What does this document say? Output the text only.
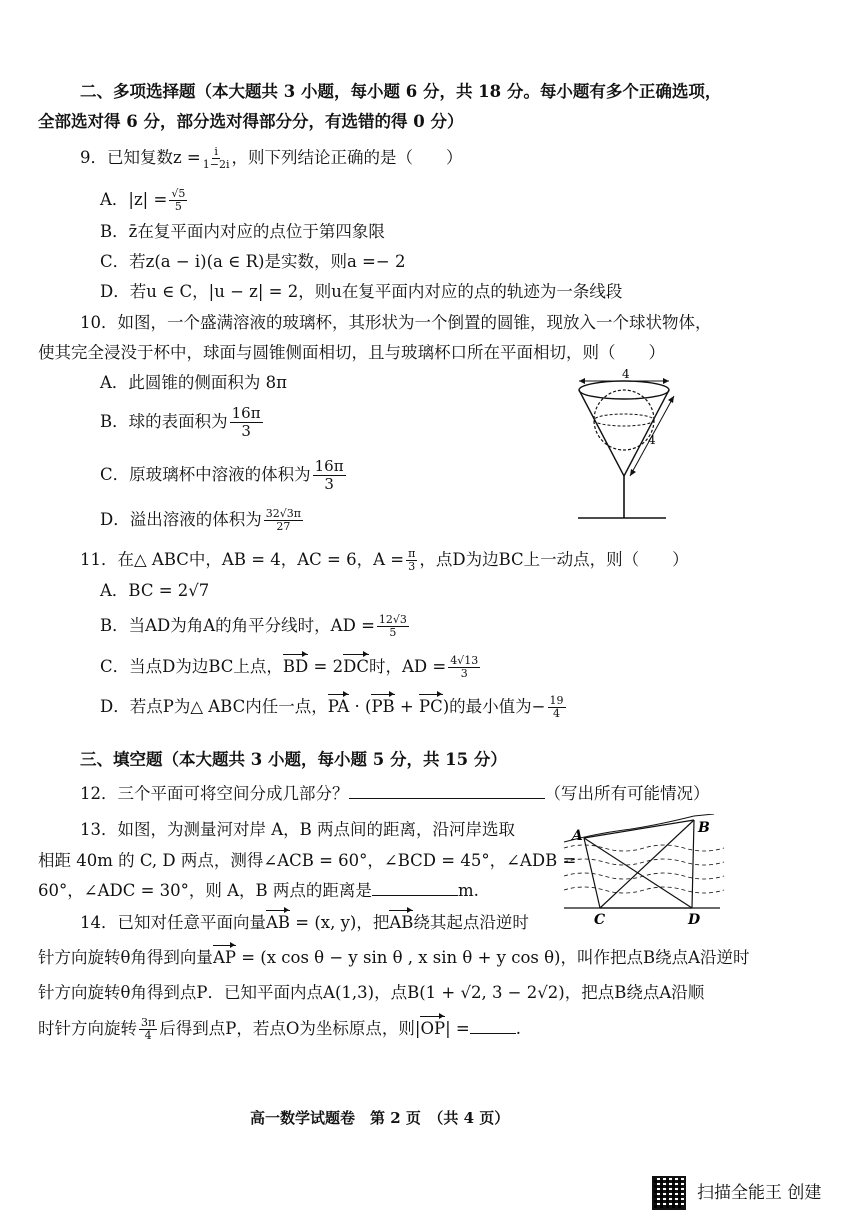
二、多项选择题（本大题共 3 小题，每小题 6 分，共 18 分。每小题有多个正确选项，
全部选对得 6 分，部分选对得部分分，有选错的得 0 分）
9．已知复数$z = \frac{i}{1-2i}$ ，则下列结论正确的是（　　）
A．$|z| = \frac{√5}{5}$
B．z̄在复平面内对应的点位于第四象限
C．若z(a − i)(a ∈ R)是实数，则a =− 2
D．若u ∈ C，|u − z| = 2，则u在复平面内对应的点的轨迹为一条线段
10．如图，一个盛满溶液的玻璃杯，其形状为一个倒置的圆锥，现放入一个球状物体，
使其完全浸没于杯中，球面与圆锥侧面相切，且与玻璃杯口所在平面相切，则（　　）
A．此圆锥的侧面积为 8π
B．球的表面积为 $\frac{16\pi}{3}$
C．原玻璃杯中溶液的体积为 $\frac{16\pi}{3}$
D．溢出溶液的体积为 $\frac{32√3\pi}{27}$
4
4
11．在△ ABC中，AB = 4，AC = 6，$A = \frac{\pi}{3}$ ，点D为边BC上一动点，则（　　）
A．BC = 2√7
B．当AD为角A的角平分线时，AD = $\frac{12√3}{5}$
C．当点D为边BC上点，BD = 2DC时，AD = $\frac{4√13}{3}$
D．若点P为△ ABC内任一点，PA · (PB + PC)的最小值为− $\frac{19}{4}$
三、填空题（本大题共 3 小题，每小题 5 分，共 15 分）
12．三个平面可将空间分成几部分？	（写出所有可能情况）
13．如图，为测量河对岸 A，B 两点间的距离，沿河岸选取
相距 40m 的 C, D 两点，测得∠ACB = 60°，∠BCD = 45°，∠ADB =
60°，∠ADC = 30°，则 A，B 两点的距离是	m.
A	B
C	D
14．已知对任意平面向量AB = (x, y)，把AB绕其起点沿逆时
针方向旋转θ角得到向量AP = (x cos θ − y sin θ , x sin θ + y cos θ)，叫作把点B绕点A沿逆时
针方向旋转θ角得到点P．已知平面内点A(1,3)，点B(1 + √2, 3 − 2√2)，把点B绕点A沿顺
时针方向旋转 $\frac{3\pi}{4}$ 后得到点P，若点O为坐标原点，则|OP| =	.
高一数学试题卷　第 2 页　（共 4 页）
扫描全能王 创建
